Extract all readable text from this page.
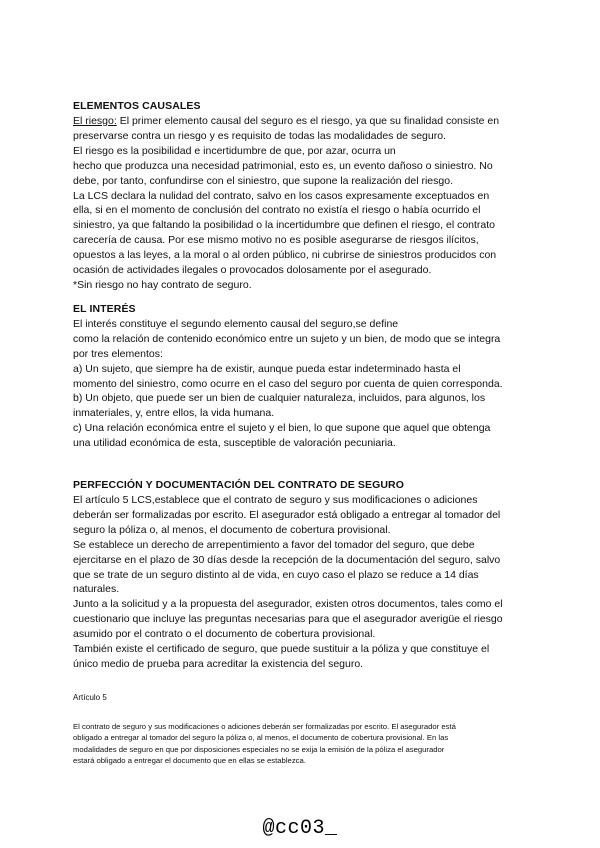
ELEMENTOS CAUSALES

El riesgo: El primer elemento causal del seguro es el riesgo, ya que su finalidad consiste en
preservarse contra un riesgo y es requisito de todas las modalidades de seguro.
El riesgo es la posibilidad e incertidumbre de que, por azar, ocurra un
hecho que produzca una necesidad patrimonial, esto es, un evento dañoso o siniestro. No
debe, por tanto, confundirse con el siniestro, que supone la realización del riesgo.
La LCS declara la nulidad del contrato, salvo en los casos expresamente exceptuados en
ella, si en el momento de conclusión del contrato no existía el riesgo o había ocurrido el
siniestro, ya que faltando la posibilidad o la incertidumbre que definen el riesgo, el contrato
carecería de causa. Por ese mismo motivo no es posible asegurarse de riesgos ilícitos,
opuestos a las leyes, a la moral o al orden público, ni cubrirse de siniestros producidos con
ocasión de actividades ilegales o provocados dolosamente por el asegurado.
*Sin riesgo no hay contrato de seguro.

EL INTERÉS

El interés constituye el segundo elemento causal del seguro,se define
como la relación de contenido económico entre un sujeto y un bien, de modo que se integra
por tres elementos:
a) Un sujeto, que siempre ha de existir, aunque pueda estar indeterminado hasta el
momento del siniestro, como ocurre en el caso del seguro por cuenta de quien corresponda.
b) Un objeto, que puede ser un bien de cualquier naturaleza, incluidos, para algunos, los
inmateriales, y, entre ellos, la vida humana.
c) Una relación económica entre el sujeto y el bien, lo que supone que aquel que obtenga
una utilidad económica de esta, susceptible de valoración pecuniaria.

PERFECCIÓN Y DOCUMENTACIÓN DEL CONTRATO DE SEGURO

El artículo 5 LCS,establece que el contrato de seguro y sus modificaciones o adiciones
deberán ser formalizadas por escrito. El asegurador está obligado a entregar al tomador del
seguro la póliza o, al menos, el documento de cobertura provisional.
Se establece un derecho de arrepentimiento a favor del tomador del seguro, que debe
ejercitarse en el plazo de 30 días desde la recepción de la documentación del seguro, salvo
que se trate de un seguro distinto al de vida, en cuyo caso el plazo se reduce a 14 días
naturales.
Junto a la solicitud y a la propuesta del asegurador, existen otros documentos, tales como el
cuestionario que incluye las preguntas necesarias para que el asegurador averigüe el riesgo
asumido por el contrato o el documento de cobertura provisional.
También existe el certificado de seguro, que puede sustituir a la póliza y que constituye el
único medio de prueba para acreditar la existencia del seguro.
Artículo 5
El contrato de seguro y sus modificaciones o adiciones deberán ser formalizadas por escrito. El asegurador está
obligado a entregar al tomador del seguro la póliza o, al menos, el documento de cobertura provisional. En las
modalidades de seguro en que por disposiciones especiales no se exija la emisión de la póliza el asegurador
estará obligado a entregar el documento que en ellas se establezca.
@cc03_
